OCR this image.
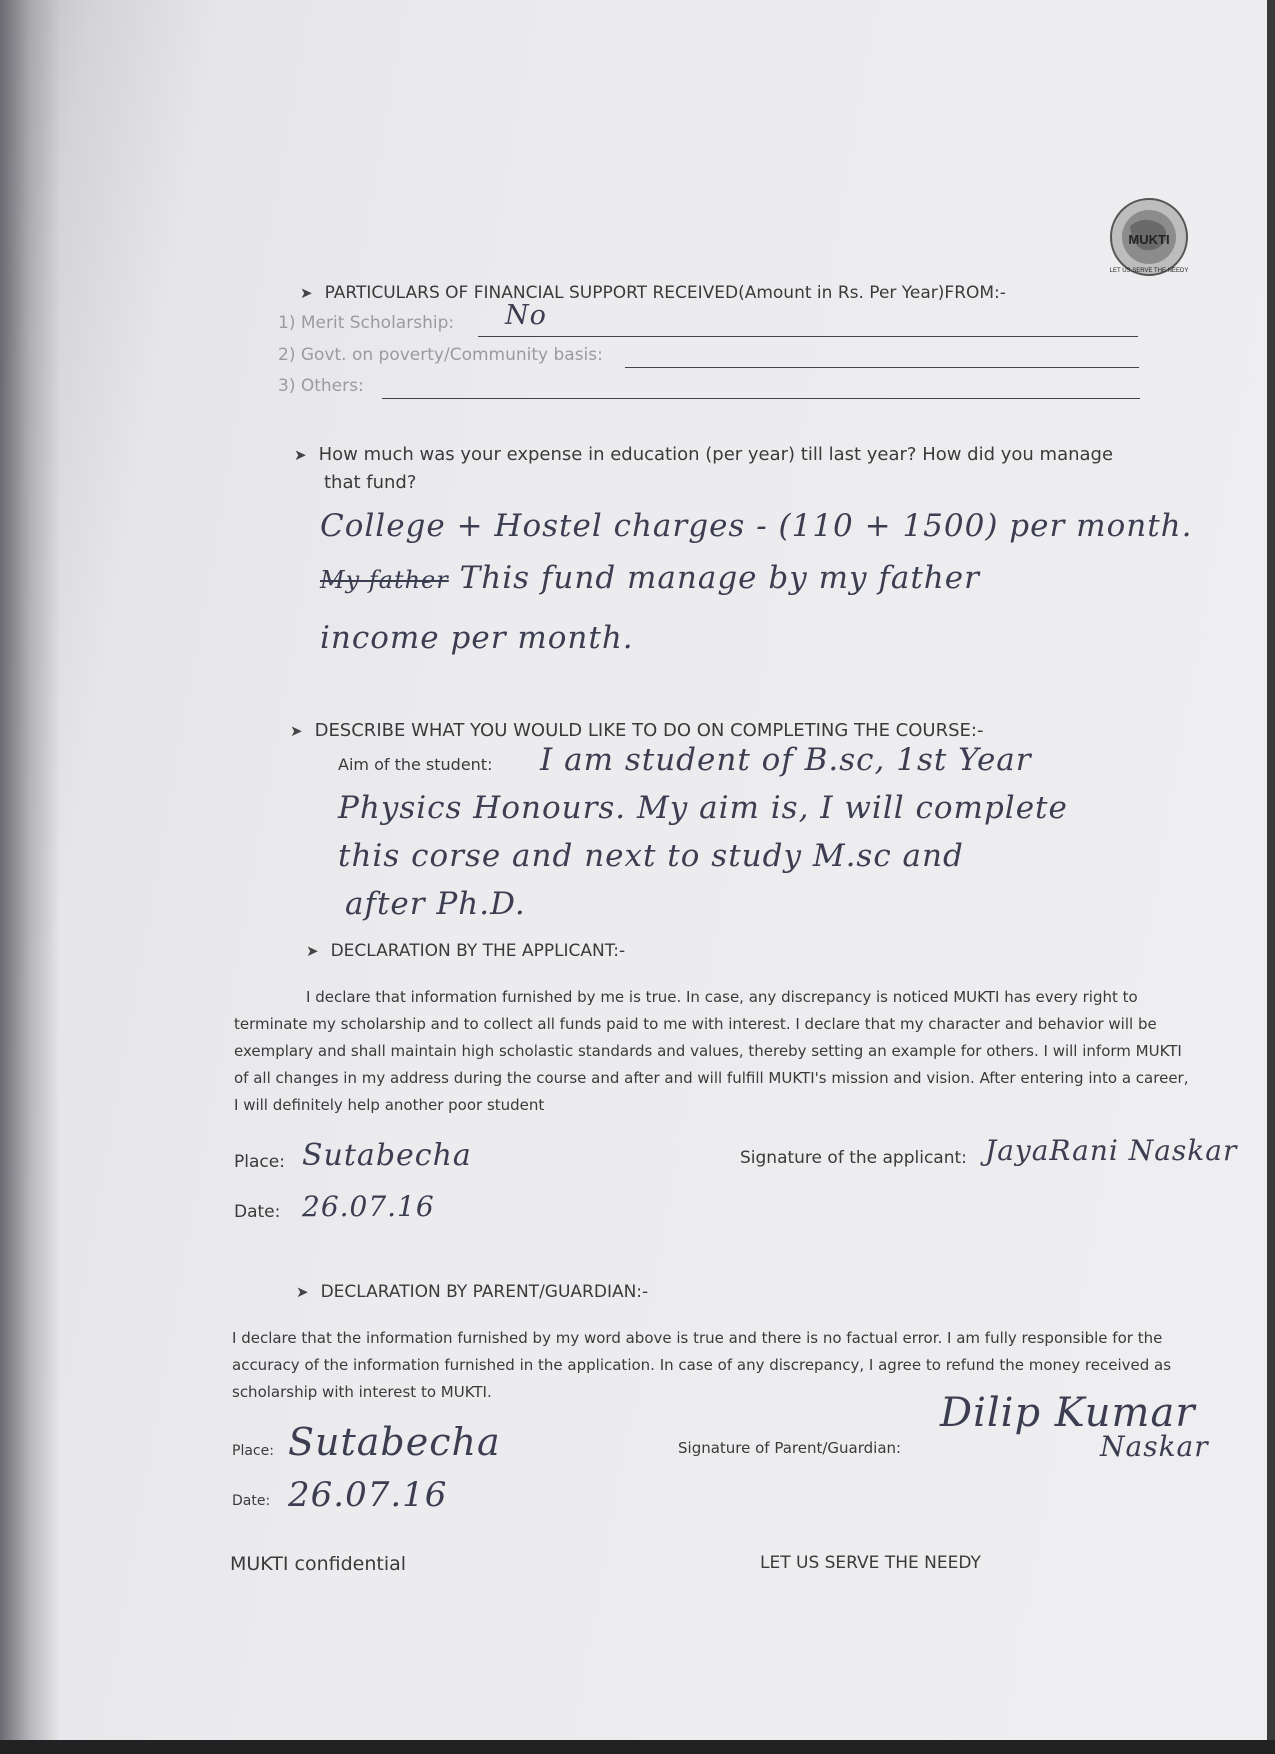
MUKTI
LET US SERVE THE NEEDY
➤ PARTICULARS OF FINANCIAL SUPPORT RECEIVED(Amount in Rs. Per Year)FROM:-
1) Merit Scholarship: No
2) Govt. on poverty/Community basis:
3) Others:
➤ How much was your expense in education (per year) till last year? How did you manage
that fund?
College + Hostel charges - (110 + 1500) per month.
My father This fund manage by my father
income per month.
➤ DESCRIBE WHAT YOU WOULD LIKE TO DO ON COMPLETING THE COURSE:-
Aim of the student: I am student of B.sc, 1st Year
Physics Honours. My aim is, I will complete
this corse and next to study M.sc and
after Ph.D.
➤ DECLARATION BY THE APPLICANT:-
I declare that information furnished by me is true. In case, any discrepancy is noticed MUKTI has every right to terminate my scholarship and to collect all funds paid to me with interest. I declare that my character and behavior will be exemplary and shall maintain high scholastic standards and values, thereby setting an example for others. I will inform MUKTI of all changes in my address during the course and after and will fulfill MUKTI's mission and vision. After entering into a career, I will definitely help another poor student
Place: Sutabecha	Signature of the applicant: JayaRani Naskar
Date: 26.07.16
➤ DECLARATION BY PARENT/GUARDIAN:-
I declare that the information furnished by my word above is true and there is no factual error. I am fully responsible for the accuracy of the information furnished in the application. In case of any discrepancy, I agree to refund the money received as scholarship with interest to MUKTI.
Place: Sutabecha	Signature of Parent/Guardian:
Dilip Kumar
Naskar
Date: 26.07.16
MUKTI confidential	LET US SERVE THE NEEDY
